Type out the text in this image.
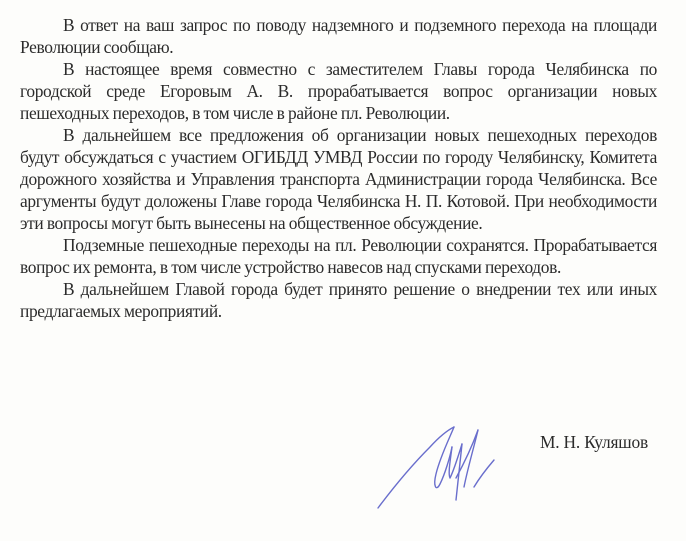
В ответ на ваш запрос по поводу надземного и подземного перехода на площади Революции сообщаю.

В настоящее время совместно с заместителем Главы города Челябинска по городской среде Егоровым А. В. прорабатывается вопрос организации новых пешеходных переходов, в том числе в районе пл. Революции.

В дальнейшем все предложения об организации новых пешеходных переходов будут обсуждаться с участием ОГИБДД УМВД России по городу Челябинску, Комитета дорожного хозяйства и Управления транспорта Администрации города Челябинска. Все аргументы будут доложены Главе города Челябинска Н. П. Котовой. При необходимости эти вопросы могут быть вынесены на общественное обсуждение.

Подземные пешеходные переходы на пл. Революции сохранятся. Прорабатывается вопрос их ремонта, в том числе устройство навесов над спусками переходов.

В дальнейшем Главой города будет принято решение о внедрении тех или иных предлагаемых мероприятий.

М. Н. Куляшов
